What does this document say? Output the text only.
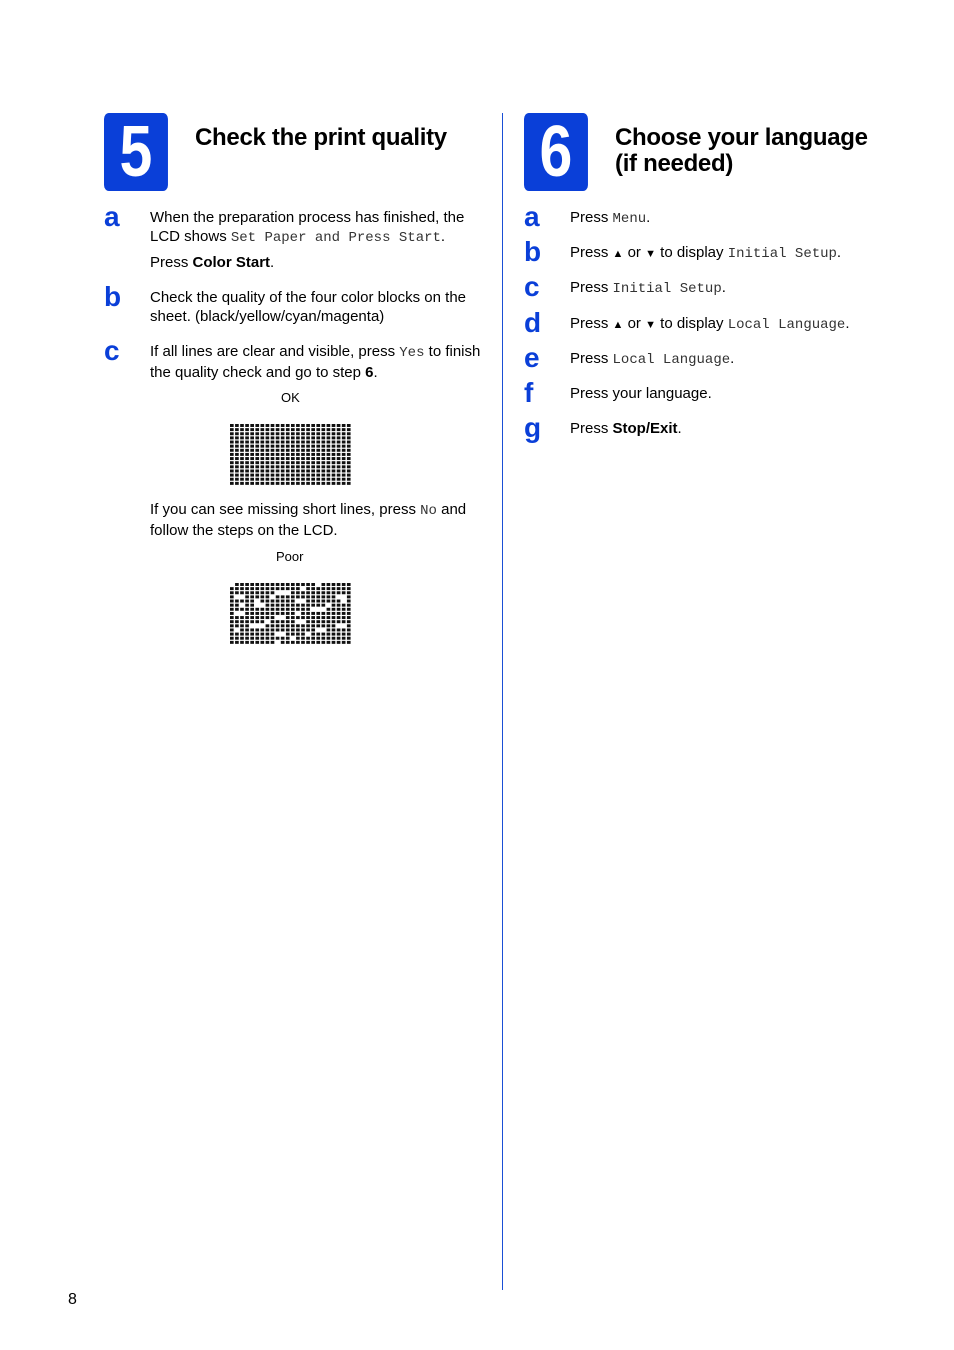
5	Check the print quality
a When the preparation process has finished, the LCD shows Set Paper and Press Start.
Press Color Start.
b Check the quality of the four color blocks on the sheet. (black/yellow/cyan/magenta)
c If all lines are clear and visible, press Yes to finish the quality check and go to step 6.
OK
If you can see missing short lines, press No and follow the steps on the LCD.
Poor
6	Choose your language
(if needed)
a Press Menu.
b Press ▲ or ▼ to display Initial Setup.
c Press Initial Setup.
d Press ▲ or ▼ to display Local Language.
e Press Local Language.
f Press your language.
g Press Stop/Exit.
8
